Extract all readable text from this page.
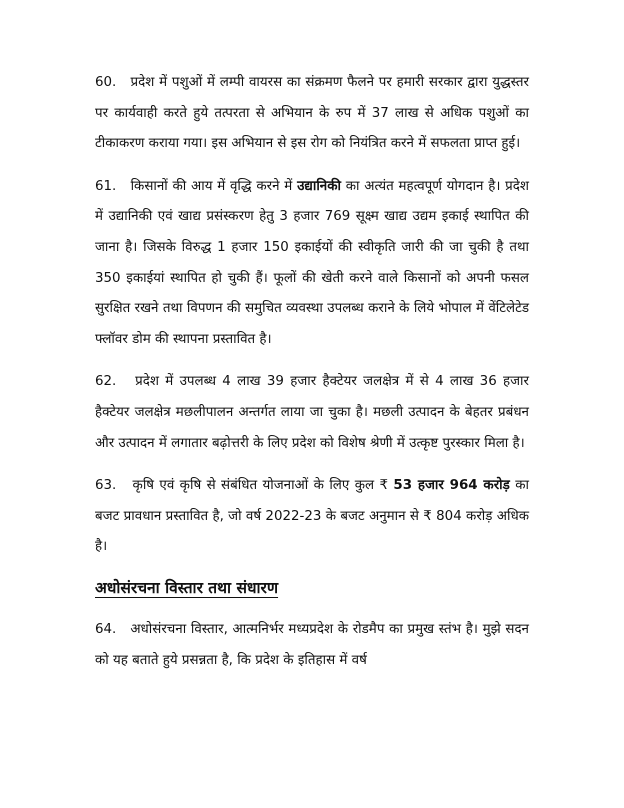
60. प्रदेश में पशुओं में लम्पी वायरस का संक्रमण फैलने पर हमारी सरकार द्वारा युद्धस्तर पर कार्यवाही करते हुये तत्परता से अभियान के रुप में 37 लाख से अधिक पशुओं का टीकाकरण कराया गया। इस अभियान से इस रोग को नियंत्रित करने में सफलता प्राप्त हुई।

61. किसानों की आय में वृद्धि करने में उद्यानिकी का अत्यंत महत्वपूर्ण योगदान है। प्रदेश में उद्यानिकी एवं खाद्य प्रसंस्करण हेतु 3 हजार 769 सूक्ष्म खाद्य उद्यम इकाई स्थापित की जाना है। जिसके विरुद्ध 1 हजार 150 इकाईयों की स्वीकृति जारी की जा चुकी है तथा 350 इकाईयां स्थापित हो चुकी हैं। फूलों की खेती करने वाले किसानों को अपनी फसल सुरक्षित रखने तथा विपणन की समुचित व्यवस्था उपलब्ध कराने के लिये भोपाल में वेंटिलेटेड फ्लॉवर डोम की स्थापना प्रस्तावित है।

62. प्रदेश में उपलब्ध 4 लाख 39 हजार हैक्टेयर जलक्षेत्र में से 4 लाख 36 हजार हैक्टेयर जलक्षेत्र मछलीपालन अन्तर्गत लाया जा चुका है। मछली उत्पादन के बेहतर प्रबंधन और उत्पादन में लगातार बढ़ोत्तरी के लिए प्रदेश को विशेष श्रेणी में उत्कृष्ट पुरस्कार मिला है।

63. कृषि एवं कृषि से संबंधित योजनाओं के लिए कुल ₹ 53 हजार 964 करोड़ का बजट प्रावधान प्रस्तावित है, जो वर्ष 2022-23 के बजट अनुमान से ₹ 804 करोड़ अधिक है।

अधोसंरचना विस्तार तथा संधारण

64. अधोसंरचना विस्तार, आत्मनिर्भर मध्यप्रदेश के रोडमैप का प्रमुख स्तंभ है। मुझे सदन को यह बताते हुये प्रसन्नता है, कि प्रदेश के इतिहास में वर्ष
